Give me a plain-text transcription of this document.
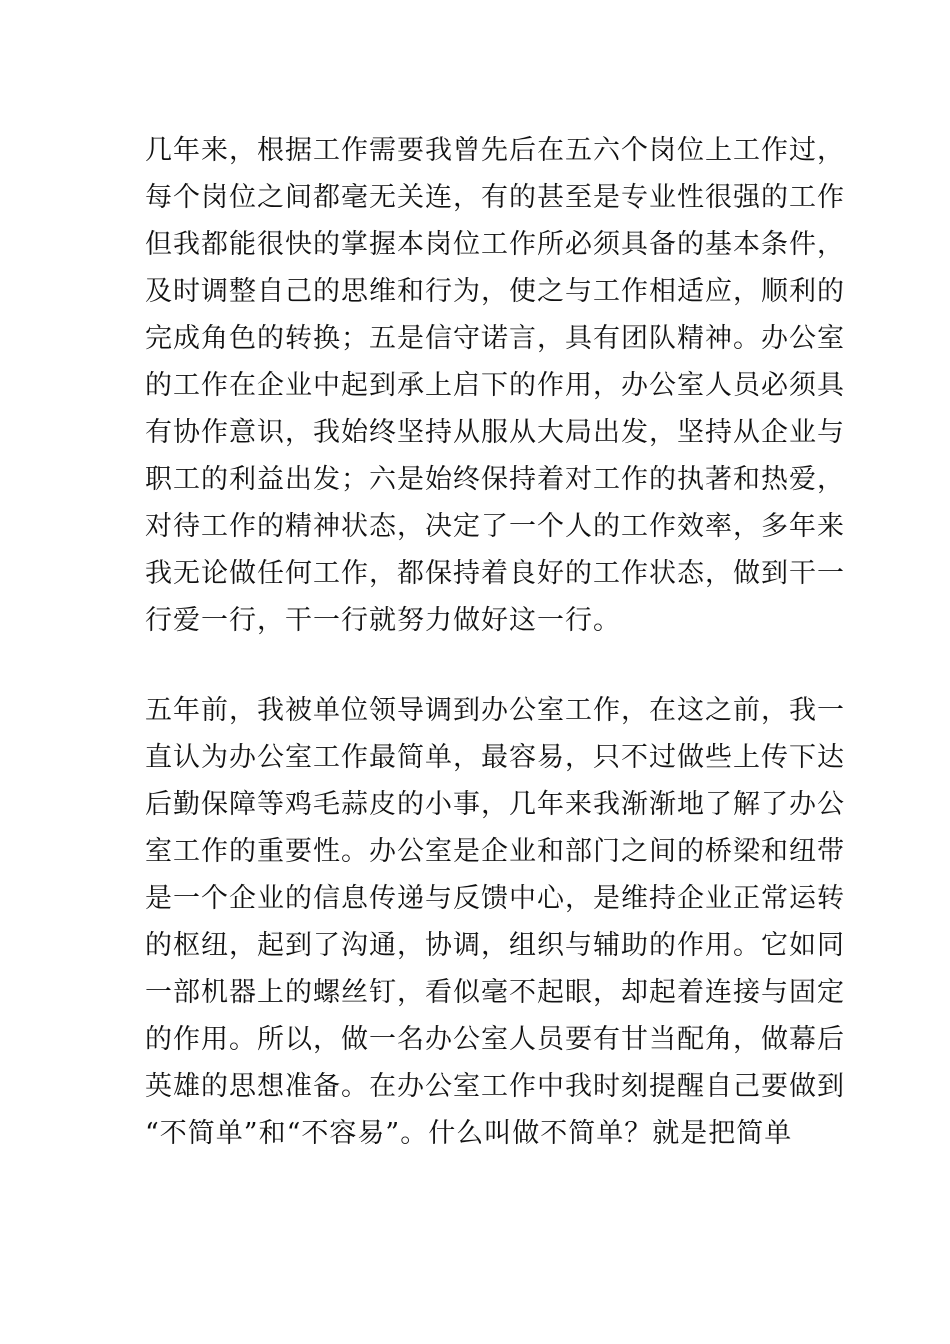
几年来，根据工作需要我曾先后在五六个岗位上工作过，
每个岗位之间都毫无关连，有的甚至是专业性很强的工作
但我都能很快的掌握本岗位工作所必须具备的基本条件，
及时调整自己的思维和行为，使之与工作相适应，顺利的
完成角色的转换；五是信守诺言，具有团队精神。办公室
的工作在企业中起到承上启下的作用，办公室人员必须具
有协作意识，我始终坚持从服从大局出发，坚持从企业与
职工的利益出发；六是始终保持着对工作的执著和热爱，
对待工作的精神状态，决定了一个人的工作效率，多年来
我无论做任何工作，都保持着良好的工作状态，做到干一
行爱一行，干一行就努力做好这一行。
五年前，我被单位领导调到办公室工作，在这之前，我一
直认为办公室工作最简单，最容易，只不过做些上传下达
后勤保障等鸡毛蒜皮的小事，几年来我渐渐地了解了办公
室工作的重要性。办公室是企业和部门之间的桥梁和纽带
是一个企业的信息传递与反馈中心，是维持企业正常运转
的枢纽，起到了沟通，协调，组织与辅助的作用。它如同
一部机器上的螺丝钉，看似毫不起眼，却起着连接与固定
的作用。所以，做一名办公室人员要有甘当配角，做幕后
英雄的思想准备。在办公室工作中我时刻提醒自己要做到
“不简单”和“不容易”。什么叫做不简单？就是把简单
